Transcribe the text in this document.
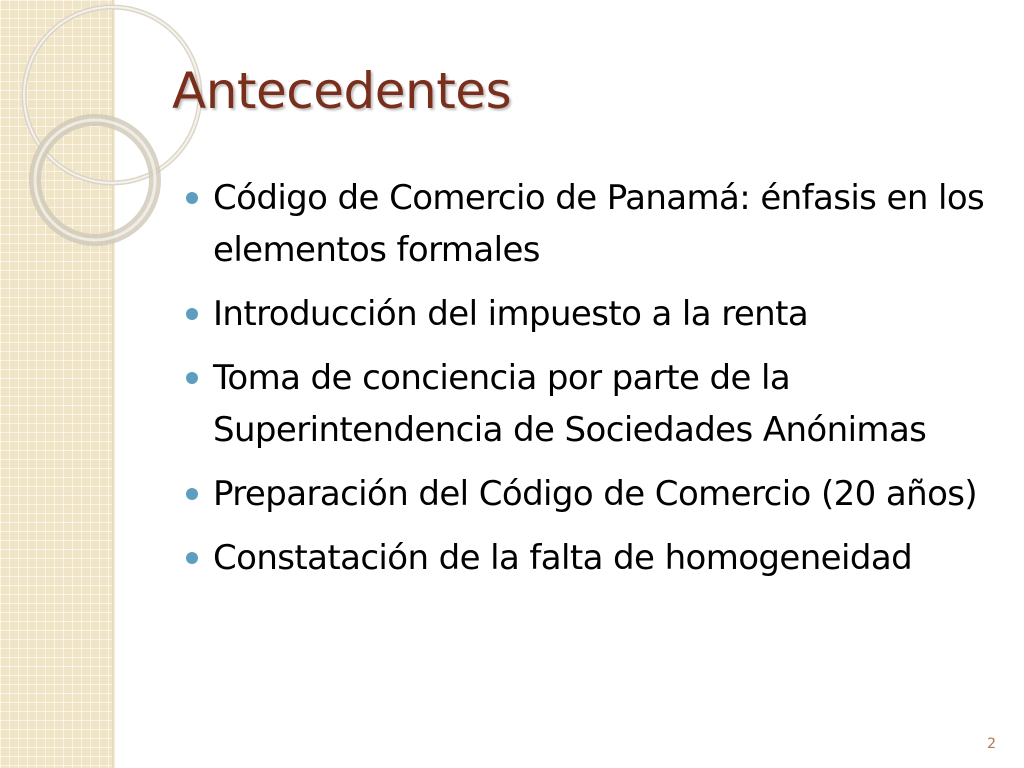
Antecedentes
Código de Comercio de Panamá: énfasis en los elementos formales
Introducción del impuesto a la renta
Toma de conciencia por parte de la Superintendencia de Sociedades Anónimas
Preparación del Código de Comercio (20 años)
Constatación de la falta de homogeneidad
2
